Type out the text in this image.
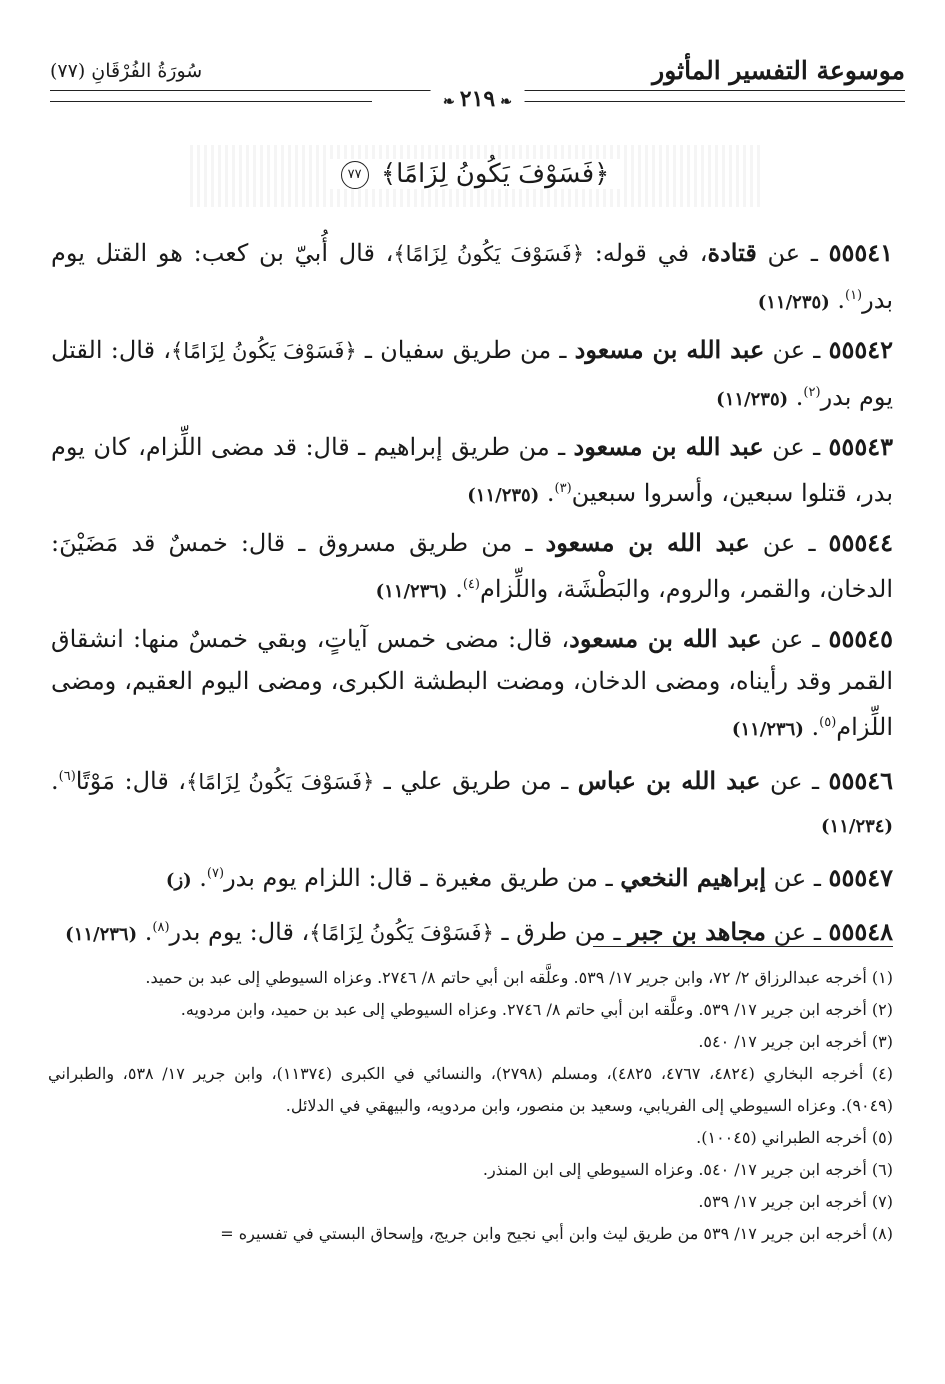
موسوعة التفسير المأثور
سُورَةُ الفُرْقَانِ (٧٧)
❧ ٢١٩ ❧
﴿فَسَوْفَ يَكُونُ لِزَامًا﴾ ٧٧

٥٥٥٤١ ـ عن قتادة، في قوله: ﴿فَسَوْفَ يَكُونُ لِزَامًا﴾، قال أُبيّ بن كعب: هو القتل يوم بدر$^{(١)}$. (١١/٢٣٥)

٥٥٥٤٢ ـ عن عبد الله بن مسعود ـ من طريق سفيان ـ ﴿فَسَوْفَ يَكُونُ لِزَامًا﴾، قال: القتل يوم بدر$^{(٢)}$. (١١/٢٣٥)

٥٥٥٤٣ ـ عن عبد الله بن مسعود ـ من طريق إبراهيم ـ قال: قد مضى اللِّزام، كان يوم بدر، قتلوا سبعين، وأسروا سبعين$^{(٣)}$. (١١/٢٣٥)

٥٥٥٤٤ ـ عن عبد الله بن مسعود ـ من طريق مسروق ـ قال: خمسٌ قد مَضَيْنَ: الدخان، والقمر، والروم، والبَطْشَة، واللِّزام$^{(٤)}$. (١١/٢٣٦)

٥٥٥٤٥ ـ عن عبد الله بن مسعود، قال: مضى خمس آياتٍ، وبقي خمسٌ منها: انشقاق القمر وقد رأيناه، ومضى الدخان، ومضت البطشة الكبرى، ومضى اليوم العقيم، ومضى اللِّزام$^{(٥)}$. (١١/٢٣٦)

٥٥٥٤٦ ـ عن عبد الله بن عباس ـ من طريق علي ـ ﴿فَسَوْفَ يَكُونُ لِزَامًا﴾، قال: مَوْتًا$^{(٦)}$. (١١/٢٣٤)

٥٥٥٤٧ ـ عن إبراهيم النخعي ـ من طريق مغيرة ـ قال: اللزام يوم بدر$^{(٧)}$. (ز)

٥٥٥٤٨ ـ عن مجاهد بن جبر ـ من طرق ـ ﴿فَسَوْفَ يَكُونُ لِزَامًا﴾، قال: يوم بدر$^{(٨)}$. (١١/٢٣٦)

(١) أخرجه عبدالرزاق ٢/ ٧٢، وابن جرير ١٧/ ٥٣٩. وعلَّقه ابن أبي حاتم ٨/ ٢٧٤٦. وعزاه السيوطي إلى عبد بن حميد.

(٢) أخرجه ابن جرير ١٧/ ٥٣٩. وعلَّقه ابن أبي حاتم ٨/ ٢٧٤٦. وعزاه السيوطي إلى عبد بن حميد، وابن مردويه.

(٣) أخرجه ابن جرير ١٧/ ٥٤٠.

(٤) أخرجه البخاري (٤٨٢٤، ٤٧٦٧، ٤٨٢٥)، ومسلم (٢٧٩٨)، والنسائي في الكبرى (١١٣٧٤)، وابن جرير ١٧/ ٥٣٨، والطبراني (٩٠٤٩). وعزاه السيوطي إلى الفريابي، وسعيد بن منصور، وابن مردويه، والبيهقي في الدلائل.

(٥) أخرجه الطبراني (١٠٠٤٥).

(٦) أخرجه ابن جرير ١٧/ ٥٤٠. وعزاه السيوطي إلى ابن المنذر.

(٧) أخرجه ابن جرير ١٧/ ٥٣٩.

(٨) أخرجه ابن جرير ١٧/ ٥٣٩ من طريق ليث وابن أبي نجيح وابن جريج، وإسحاق البستي في تفسيره =
